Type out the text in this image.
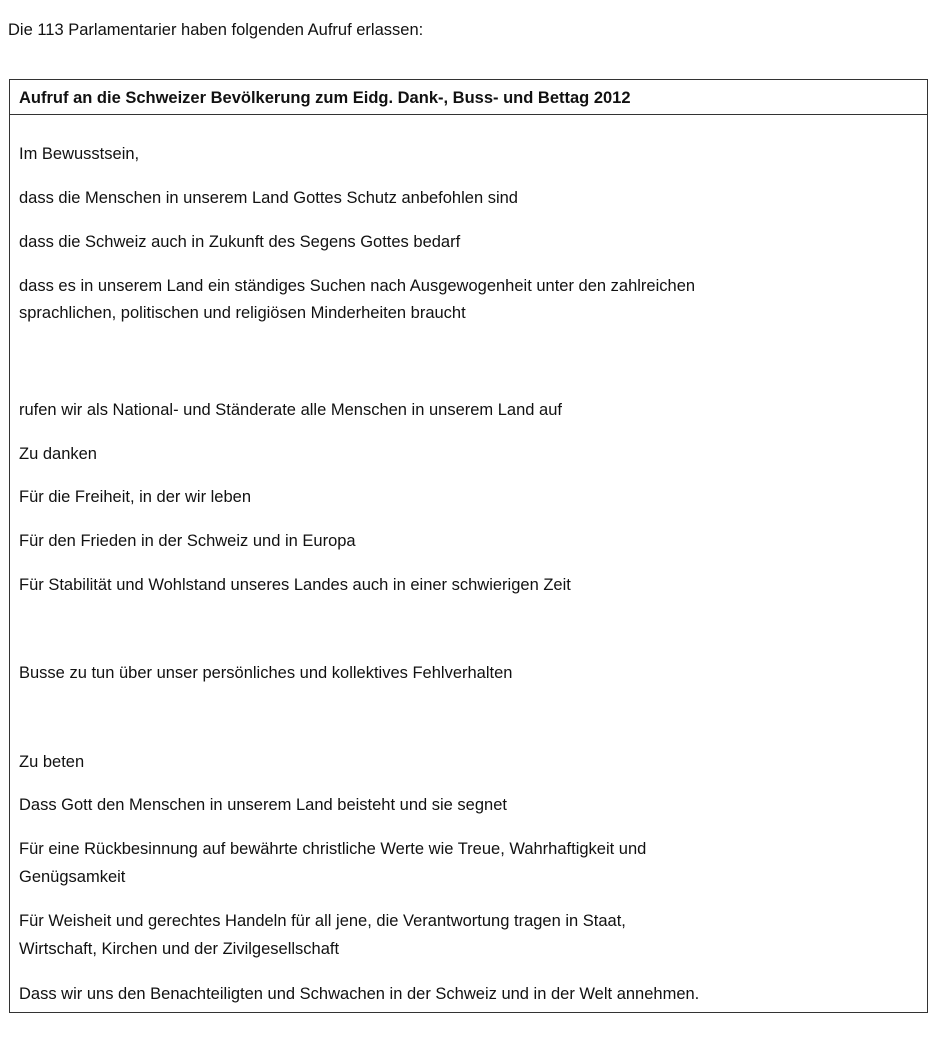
Die 113 Parlamentarier haben folgenden Aufruf erlassen:
Aufruf an die Schweizer Bevölkerung zum Eidg. Dank-, Buss- und Bettag 2012
Im Bewusstsein,
dass die Menschen in unserem Land Gottes Schutz anbefohlen sind
dass die Schweiz auch in Zukunft des Segens Gottes bedarf
dass es in unserem Land ein ständiges Suchen nach Ausgewogenheit unter den zahlreichen
sprachlichen, politischen und religiösen Minderheiten braucht
rufen wir als National- und Ständerate alle Menschen in unserem Land auf
Zu danken
Für die Freiheit, in der wir leben
Für den Frieden in der Schweiz und in Europa
Für Stabilität und Wohlstand unseres Landes auch in einer schwierigen Zeit
Busse zu tun über unser persönliches und kollektives Fehlverhalten
Zu beten
Dass Gott den Menschen in unserem Land beisteht und sie segnet
Für eine Rückbesinnung auf bewährte christliche Werte wie Treue, Wahrhaftigkeit und
Genügsamkeit
Für Weisheit und gerechtes Handeln für all jene, die Verantwortung tragen in Staat,
Wirtschaft, Kirchen und der Zivilgesellschaft
Dass wir uns den Benachteiligten und Schwachen in der Schweiz und in der Welt annehmen.
